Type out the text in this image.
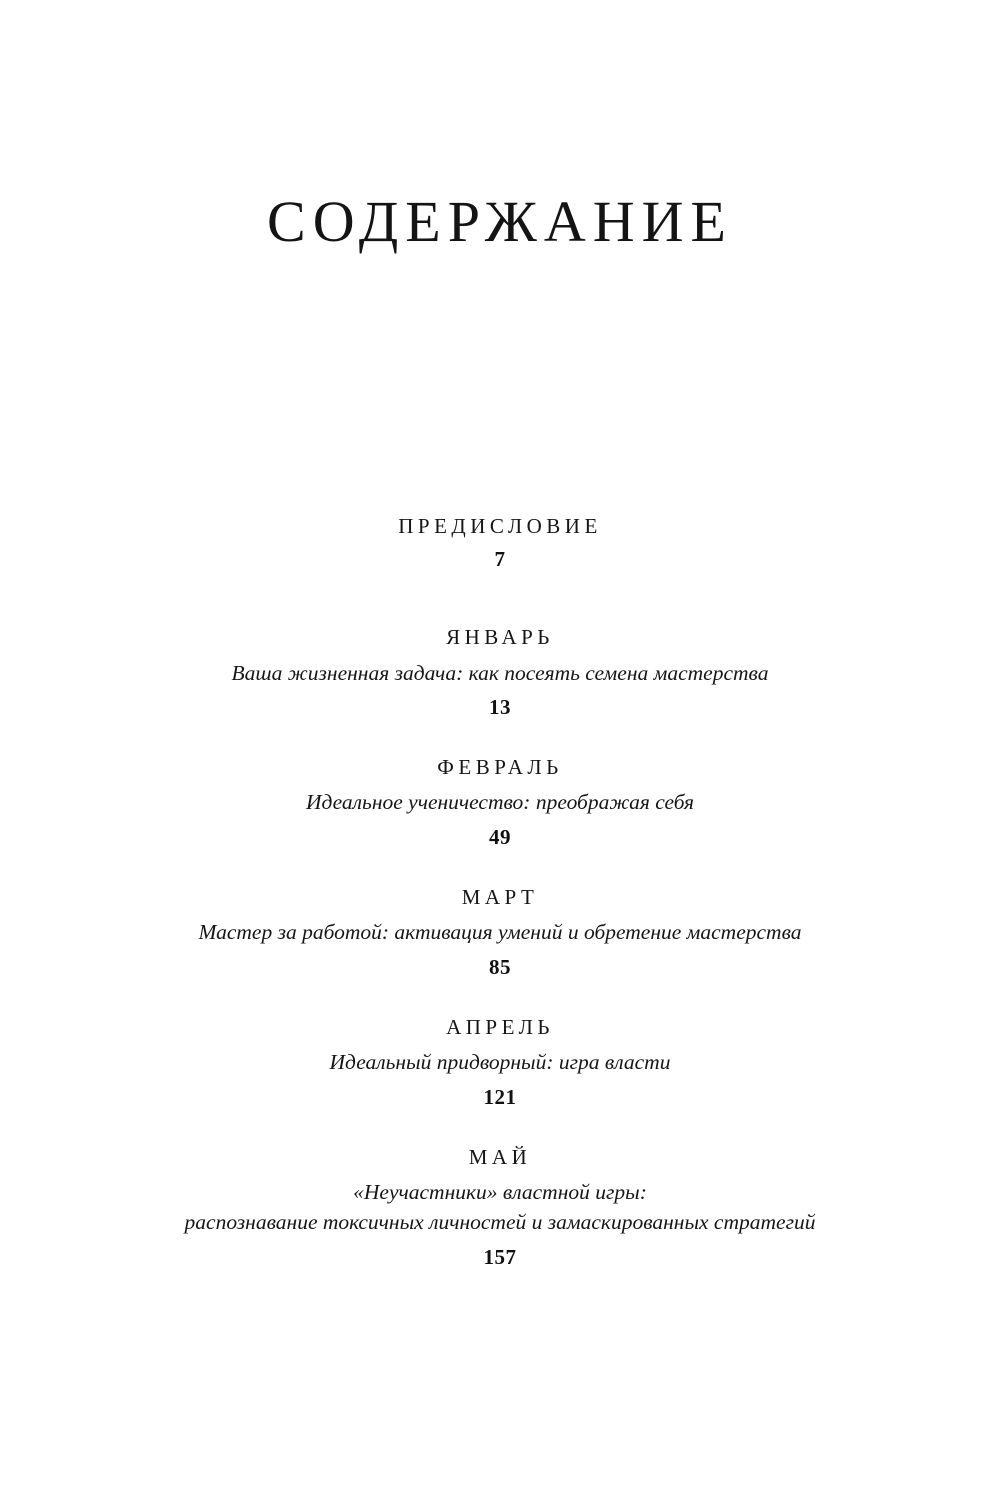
СОДЕРЖАНИЕ
ПРЕДИСЛОВИЕ
7
ЯНВАРЬ
Ваша жизненная задача: как посеять семена мастерства
13
ФЕВРАЛЬ
Идеальное ученичество: преображая себя
49
МАРТ
Мастер за работой: активация умений и обретение мастерства
85
АПРЕЛЬ
Идеальный придворный: игра власти
121
МАЙ
«Неучастники» властной игры:
распознавание токсичных личностей и замаскированных стратегий
157
